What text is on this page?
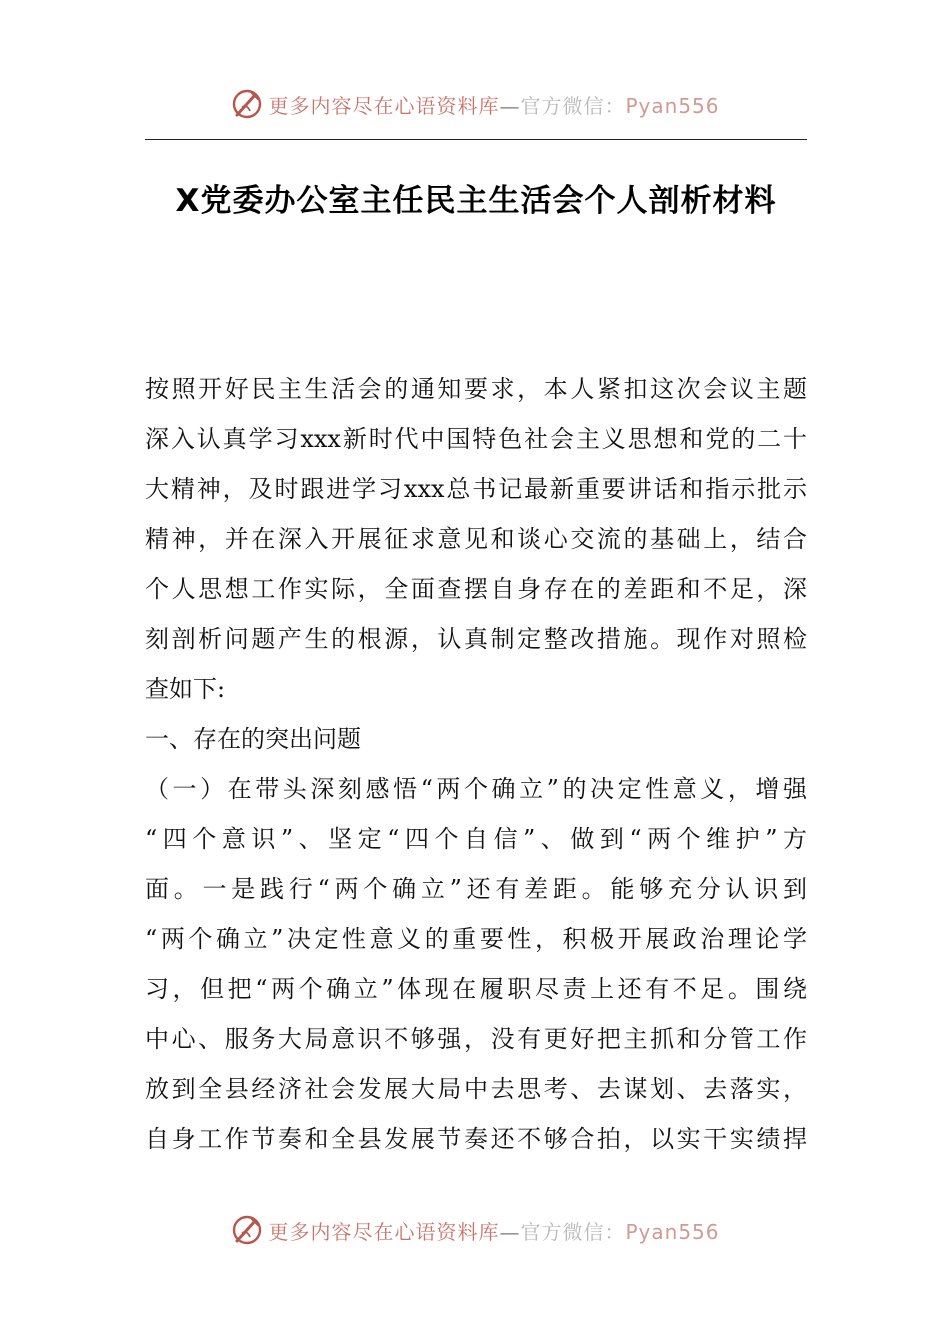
更多内容尽在心语资料库—官方微信：Pyan556
X党委办公室主任民主生活会个人剖析材料
按照开好民主生活会的通知要求，本人紧扣这次会议主题
深入认真学习xxx新时代中国特色社会主义思想和党的二十
大精神，及时跟进学习xxx总书记最新重要讲话和指示批示
精神，并在深入开展征求意见和谈心交流的基础上，结合
个人思想工作实际，全面查摆自身存在的差距和不足，深
刻剖析问题产生的根源，认真制定整改措施。现作对照检
查如下:
一、存在的突出问题
（一）在带头深刻感悟“两个确立”的决定性意义，增强
“四个意识”、坚定“四个自信”、做到“两个维护”方
面。一是践行“两个确立”还有差距。能够充分认识到
“两个确立”决定性意义的重要性，积极开展政治理论学
习，但把“两个确立”体现在履职尽责上还有不足。围绕
中心、服务大局意识不够强，没有更好把主抓和分管工作
放到全县经济社会发展大局中去思考、去谋划、去落实，
自身工作节奏和全县发展节奏还不够合拍，以实干实绩捍
更多内容尽在心语资料库—官方微信：Pyan556
